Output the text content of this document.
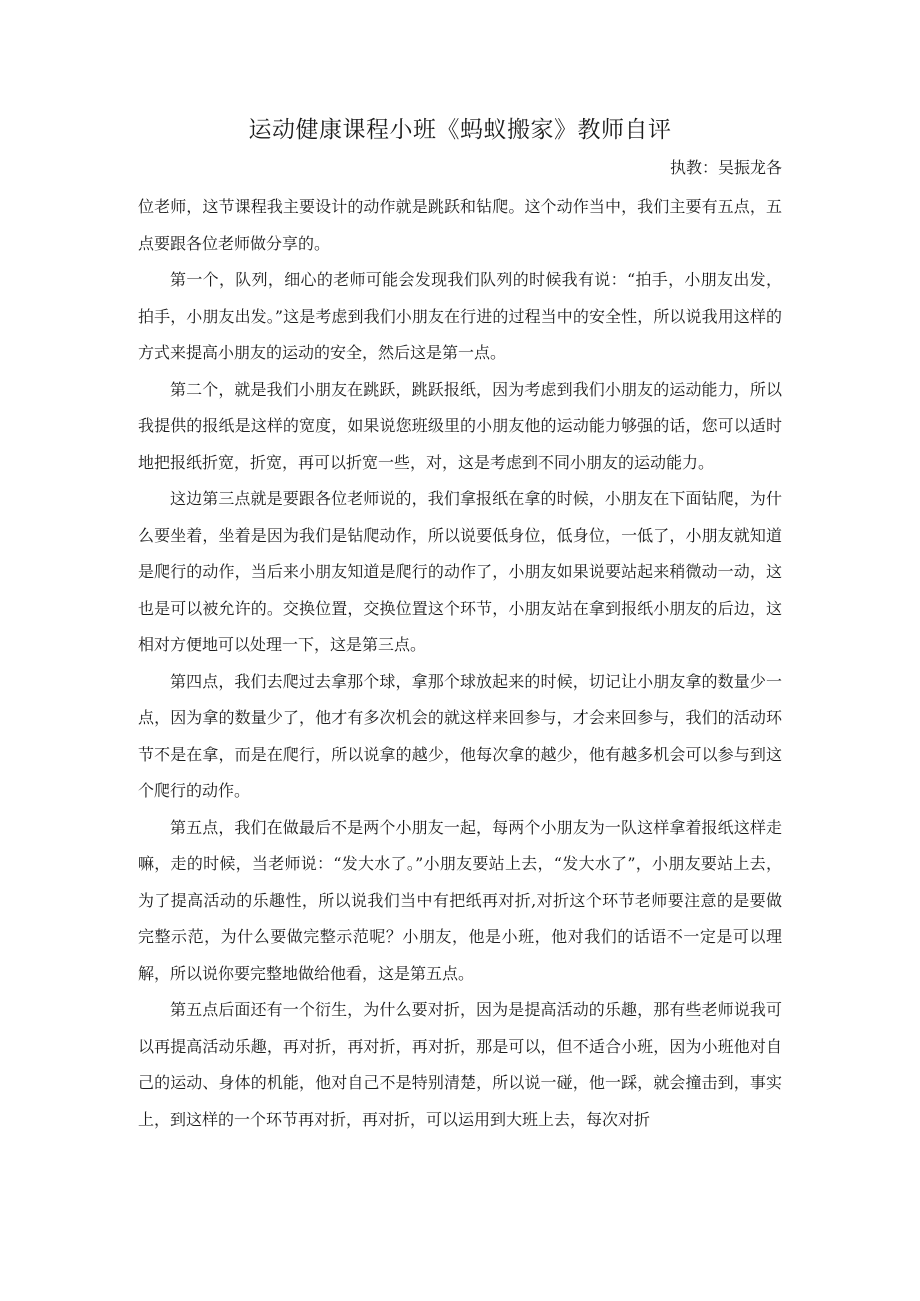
运动健康课程小班《蚂蚁搬家》教师自评
执教：吴振龙各

位老师，这节课程我主要设计的动作就是跳跃和钻爬。这个动作当中，我们主要有五点，五点要跟各位老师做分享的。

第一个，队列，细心的老师可能会发现我们队列的时候我有说：“拍手，小朋友出发，拍手，小朋友出发。”这是考虑到我们小朋友在行进的过程当中的安全性，所以说我用这样的方式来提高小朋友的运动的安全，然后这是第一点。

第二个，就是我们小朋友在跳跃，跳跃报纸，因为考虑到我们小朋友的运动能力，所以我提供的报纸是这样的宽度，如果说您班级里的小朋友他的运动能力够强的话，您可以适时地把报纸折宽，折宽，再可以折宽一些，对，这是考虑到不同小朋友的运动能力。

这边第三点就是要跟各位老师说的，我们拿报纸在拿的时候，小朋友在下面钻爬，为什么要坐着，坐着是因为我们是钻爬动作，所以说要低身位，低身位，一低了，小朋友就知道是爬行的动作，当后来小朋友知道是爬行的动作了，小朋友如果说要站起来稍微动一动，这也是可以被允许的。交换位置，交换位置这个环节，小朋友站在拿到报纸小朋友的后边，这相对方便地可以处理一下，这是第三点。

第四点，我们去爬过去拿那个球，拿那个球放起来的时候，切记让小朋友拿的数量少一点，因为拿的数量少了，他才有多次机会的就这样来回参与，才会来回参与，我们的活动环节不是在拿，而是在爬行，所以说拿的越少，他每次拿的越少，他有越多机会可以参与到这个爬行的动作。

第五点，我们在做最后不是两个小朋友一起，每两个小朋友为一队这样拿着报纸这样走嘛，走的时候，当老师说：“发大水了。”小朋友要站上去，“发大水了”，小朋友要站上去，为了提高活动的乐趣性，所以说我们当中有把纸再对折,对折这个环节老师要注意的是要做完整示范，为什么要做完整示范呢？小朋友，他是小班，他对我们的话语不一定是可以理解，所以说你要完整地做给他看，这是第五点。

第五点后面还有一个衍生，为什么要对折，因为是提高活动的乐趣，那有些老师说我可以再提高活动乐趣，再对折，再对折，再对折，那是可以，但不适合小班，因为小班他对自己的运动、身体的机能，他对自己不是特别清楚，所以说一碰，他一踩，就会撞击到，事实上，到这样的一个环节再对折，再对折，可以运用到大班上去，每次对折
